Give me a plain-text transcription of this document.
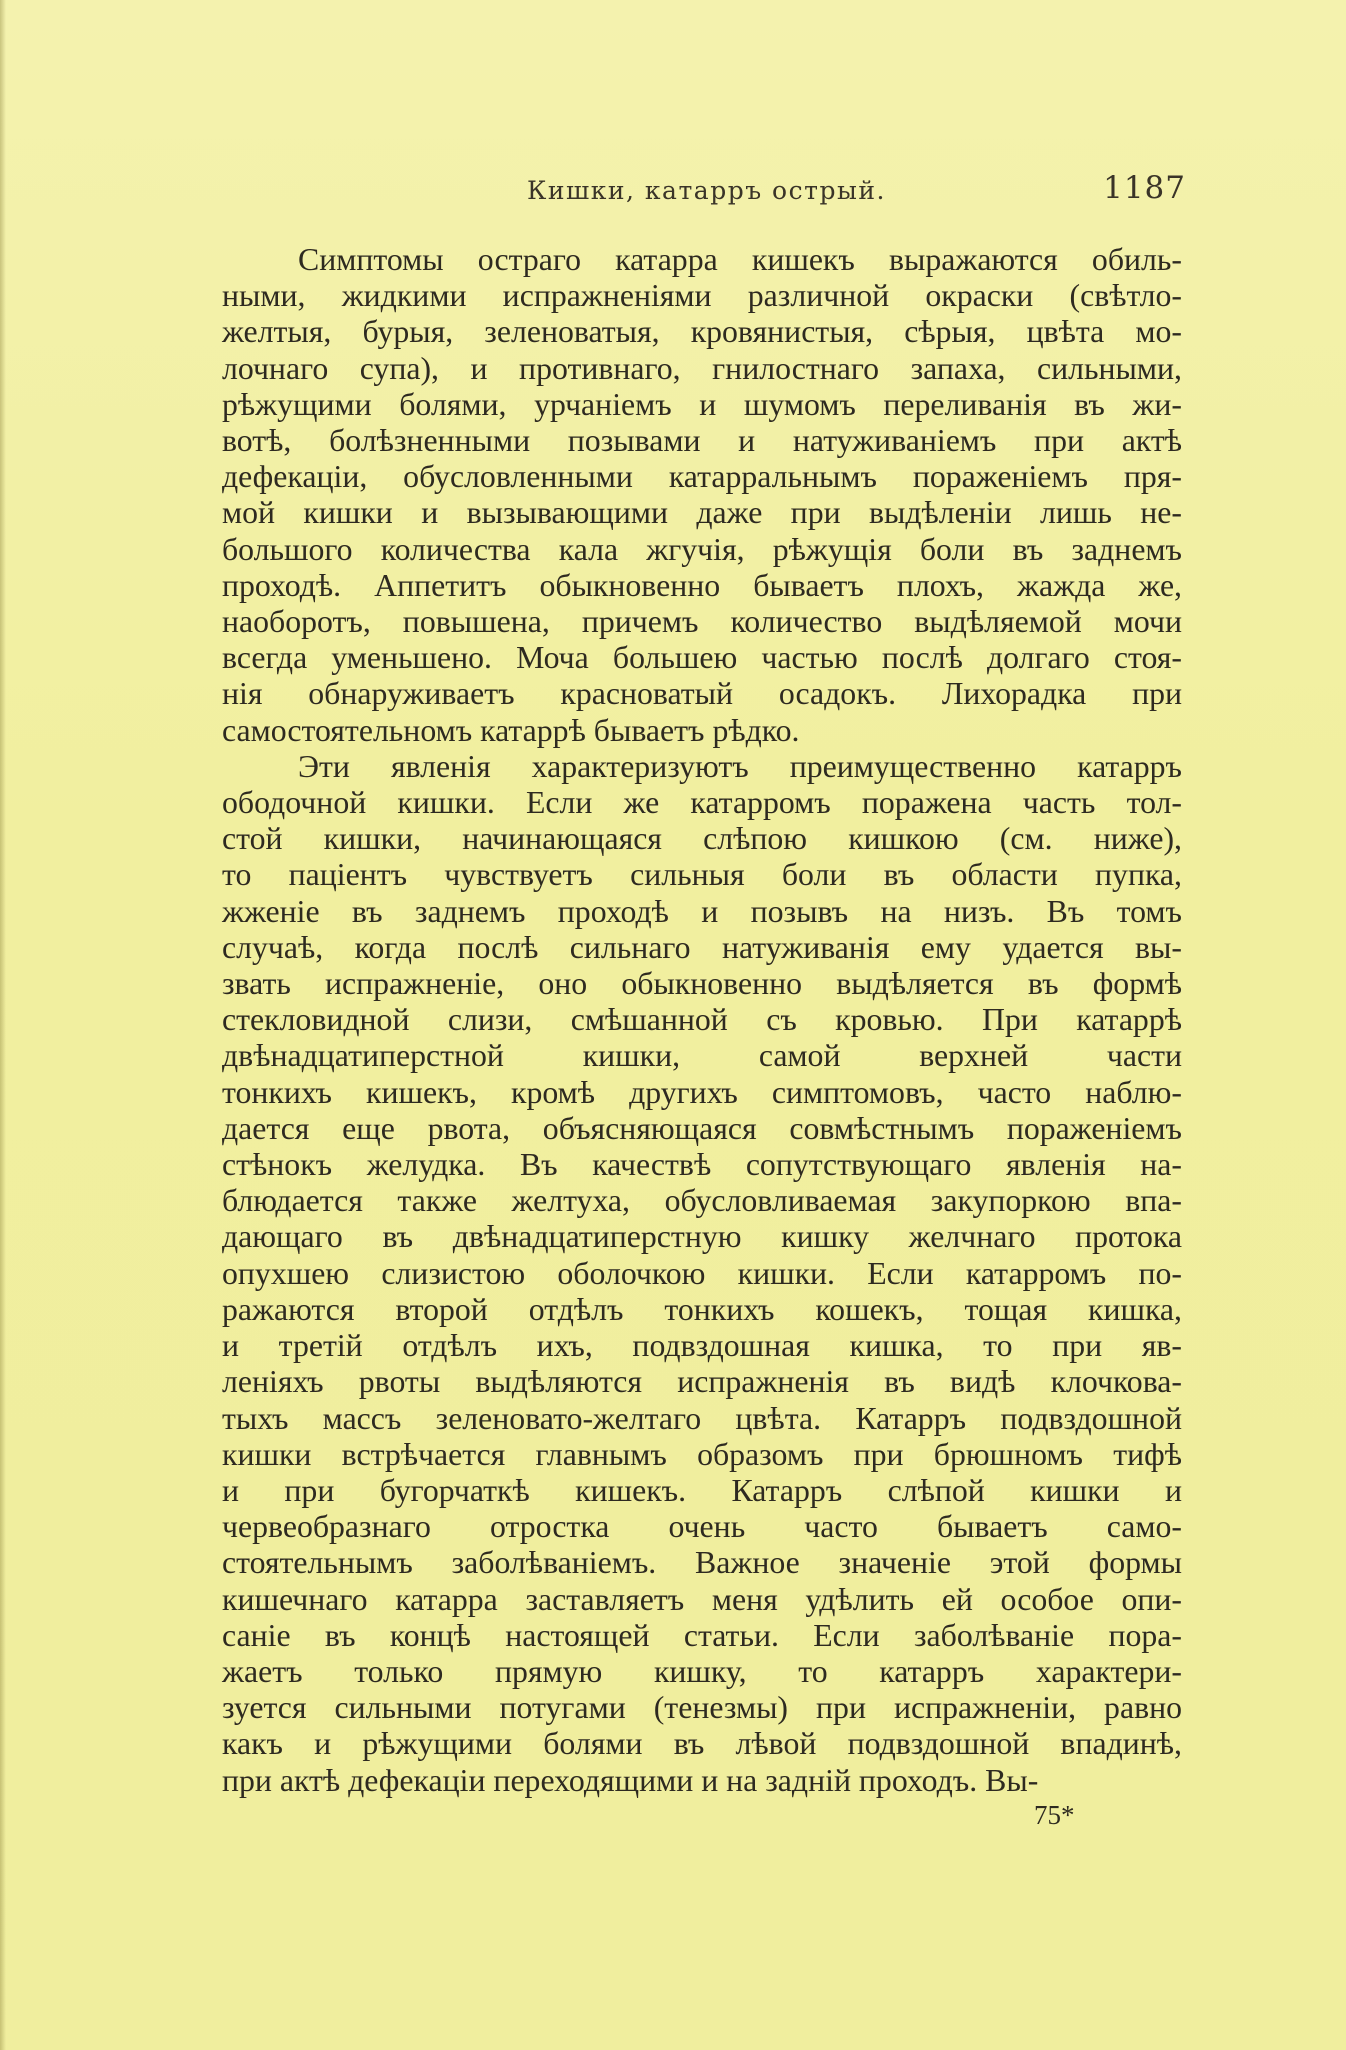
Кишки, катарръ острый.	1187
Симптомы остраго катарра кишекъ выражаются обиль-
ными, жидкими испражненіями различной окраски (свѣтло-
желтыя, бурыя, зеленоватыя, кровянистыя, сѣрыя, цвѣта мо-
лочнаго супа), и противнаго, гнилостнаго запаха, сильными,
рѣжущими болями, урчаніемъ и шумомъ переливанія въ жи-
вотѣ, болѣзненными позывами и натуживаніемъ при актѣ
дефекаціи, обусловленными катарральнымъ пораженіемъ пря-
мой кишки и вызывающими даже при выдѣленіи лишь не-
большого количества кала жгучія, рѣжущія боли въ заднемъ
проходѣ. Аппетитъ обыкновенно бываетъ плохъ, жажда же,
наоборотъ, повышена, причемъ количество выдѣляемой мочи
всегда уменьшено. Моча большею частью послѣ долгаго стоя-
нія обнаруживаетъ красноватый осадокъ. Лихорадка при
самостоятельномъ катаррѣ бываетъ рѣдко.
Эти явленія характеризуютъ преимущественно катарръ
ободочной кишки. Если же катарромъ поражена часть тол-
стой кишки, начинающаяся слѣпою кишкою (см. ниже),
то паціентъ чувствуетъ сильныя боли въ области пупка,
жженіе въ заднемъ проходѣ и позывъ на низъ. Въ томъ
случаѣ, когда послѣ сильнаго натуживанія ему удается вы-
звать испражненіе, оно обыкновенно выдѣляется въ формѣ
стекловидной слизи, смѣшанной съ кровью. При катаррѣ
двѣнадцатиперстной кишки, самой верхней части
тонкихъ кишекъ, кромѣ другихъ симптомовъ, часто наблю-
дается еще рвота, объясняющаяся совмѣстнымъ пораженіемъ
стѣнокъ желудка. Въ качествѣ сопутствующаго явленія на-
блюдается также желтуха, обусловливаемая закупоркою впа-
дающаго въ двѣнадцатиперстную кишку желчнаго протока
опухшею слизистою оболочкою кишки. Если катарромъ по-
ражаются второй отдѣлъ тонкихъ кошекъ, тощая кишка,
и третій отдѣлъ ихъ, подвздошная кишка, то при яв-
леніяхъ рвоты выдѣляются испражненія въ видѣ клочкова-
тыхъ массъ зеленовато-желтаго цвѣта. Катарръ подвздошной
кишки встрѣчается главнымъ образомъ при брюшномъ тифѣ
и при бугорчаткѣ кишекъ. Катарръ слѣпой кишки и
червеобразнаго отростка очень часто бываетъ само-
стоятельнымъ заболѣваніемъ. Важное значеніе этой формы
кишечнаго катарра заставляетъ меня удѣлить ей особое опи-
саніе въ концѣ настоящей статьи. Если заболѣваніе пора-
жаетъ только прямую кишку, то катарръ характери-
зуется сильными потугами (тенезмы) при испражненіи, равно
какъ и рѣжущими болями въ лѣвой подвздошной впадинѣ,
при актѣ дефекаціи переходящими и на задній проходъ. Вы-
75*
